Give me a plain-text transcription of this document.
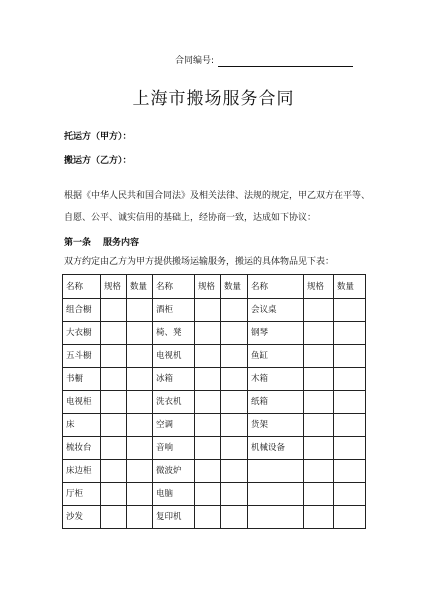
合同编号:
上海市搬场服务合同
托运方（甲方）：
搬运方（乙方）：
根据《中华人民共和国合同法》及相关法律、法规的规定，甲乙双方在平等、
自愿、公平、诚实信用的基础上，经协商一致，达成如下协议：
第一条 服务内容
双方约定由乙方为甲方提供搬场运输服务，搬运的具体物品见下表：
名称	规格	数量	名称	规格	数量	名称	规格	数量
组合橱			酒柜			会议桌		
大衣橱			椅、凳			钢琴		
五斗橱			电视机			鱼缸		
书橱			冰箱			木箱		
电视柜			洗衣机			纸箱		
床			空调			货架		
梳妆台			音响			机械设备		
床边柜			微波炉					
厅柜			电脑					
沙发			复印机					
